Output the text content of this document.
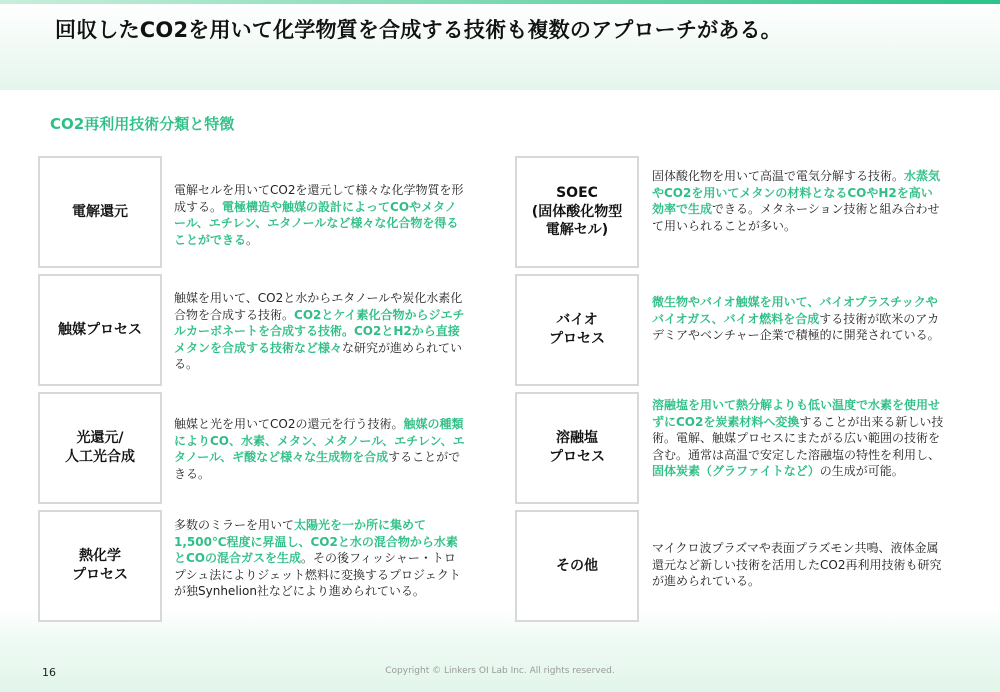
回収したCO2を用いて化学物質を合成する技術も複数のアプローチがある。
CO2再利用技術分類と特徴
電解還元
電解セルを用いてCO2を還元して様々な化学物質を形成する。電極構造や触媒の設計によってCOやメタノール、エチレン、エタノールなど様々な化合物を得ることができる。
触媒プロセス
触媒を用いて、CO2と水からエタノールや炭化水素化合物を合成する技術。CO2とケイ素化合物からジエチルカーボネートを合成する技術。CO2とH2から直接メタンを合成する技術など様々な研究が進められている。
光還元/
人工光合成
触媒と光を用いてCO2の還元を行う技術。触媒の種類によりCO、水素、メタン、メタノール、エチレン、エタノール、ギ酸など様々な生成物を合成することができる。
熱化学
プロセス
多数のミラーを用いて太陽光を一か所に集めて1,500℃程度に昇温し、CO2と水の混合物から水素とCOの混合ガスを生成。その後フィッシャー・トロプシュ法によりジェット燃料に変換するプロジェクトが独Synhelion社などにより進められている。
SOEC
(固体酸化物型
電解セル)
固体酸化物を用いて高温で電気分解する技術。水蒸気やCO2を用いてメタンの材料となるCOやH2を高い効率で生成できる。メタネーション技術と組み合わせて用いられることが多い。
バイオ
プロセス
微生物やバイオ触媒を用いて、バイオプラスチックやバイオガス、バイオ燃料を合成する技術が欧米のアカデミアやベンチャー企業で積極的に開発されている。
溶融塩
プロセス
溶融塩を用いて熱分解よりも低い温度で水素を使用せずにCO2を炭素材料へ変換することが出来る新しい技術。電解、触媒プロセスにまたがる広い範囲の技術を含む。通常は高温で安定した溶融塩の特性を利用し、固体炭素（グラファイトなど）の生成が可能。
その他
マイクロ波プラズマや表面プラズモン共鳴、液体金属還元など新しい技術を活用したCO2再利用技術も研究が進められている。
16	Copyright © Linkers OI Lab Inc. All rights reserved.
